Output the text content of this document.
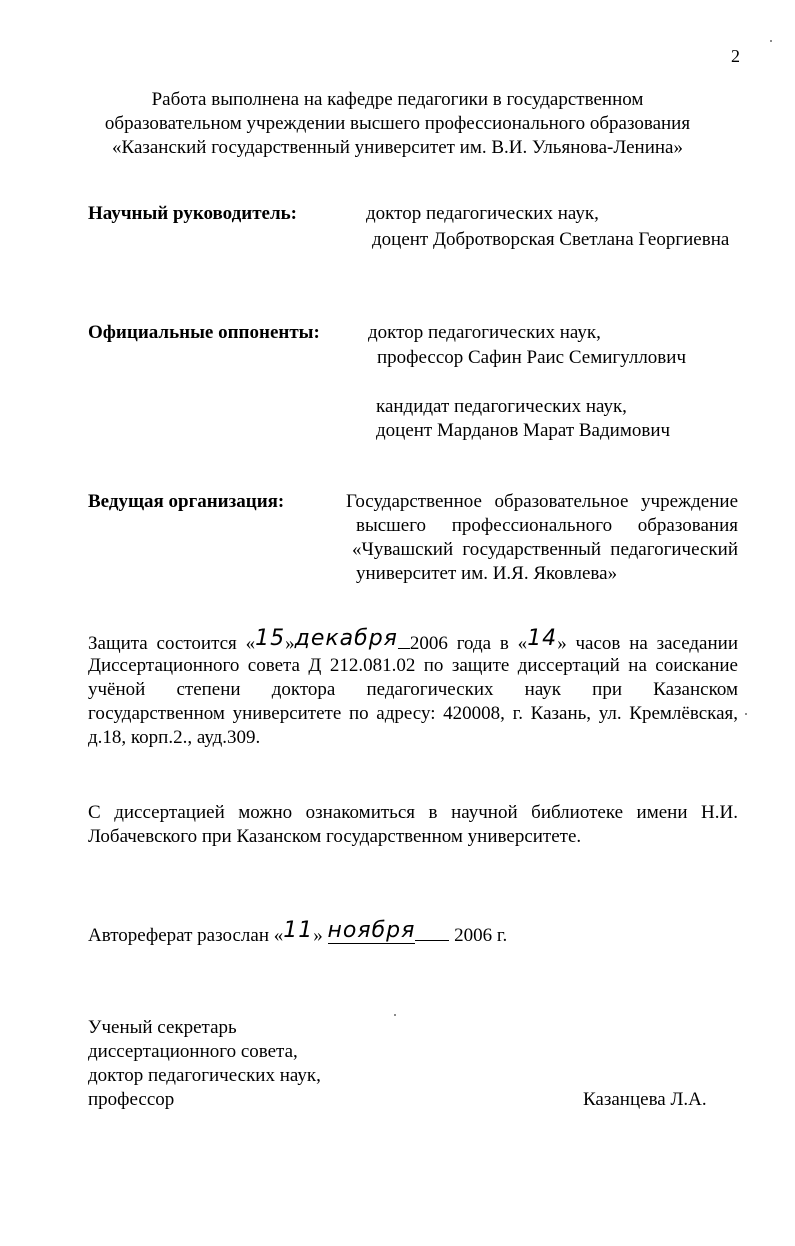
2
Работа выполнена на кафедре педагогики в государственном
образовательном учреждении высшего профессионального образования
«Казанский государственный университет им. В.И. Ульянова-Ленина»
Научный руководитель:	доктор педагогических наук,
доцент Добротворская Светлана Георгиевна
Официальные оппоненты:	доктор педагогических наук,
профессор Сафин Раис Семигуллович
кандидат педагогических наук,
доцент Марданов Марат Вадимович
Ведущая организация:	Государственное образовательное учреждение
высшего профессионального образования
«Чувашский государственный педагогический
университет им. И.Я. Яковлева»
Защита состоится «15»декабря 2006 года в «14» часов на заседании
Диссертационного совета Д 212.081.02 по защите диссертаций на соискание
учёной степени доктора педагогических наук при Казанском
государственном университете по адресу: 420008, г. Казань, ул. Кремлёвская,
д.18, корп.2., ауд.309.
С диссертацией можно ознакомиться в научной библиотеке имени Н.И.
Лобачевского при Казанском государственном университете.
Автореферат разослан «11» ноября 2006 г.
Ученый секретарь
диссертационного совета,
доктор педагогических наук,
профессор	Казанцева Л.А.
